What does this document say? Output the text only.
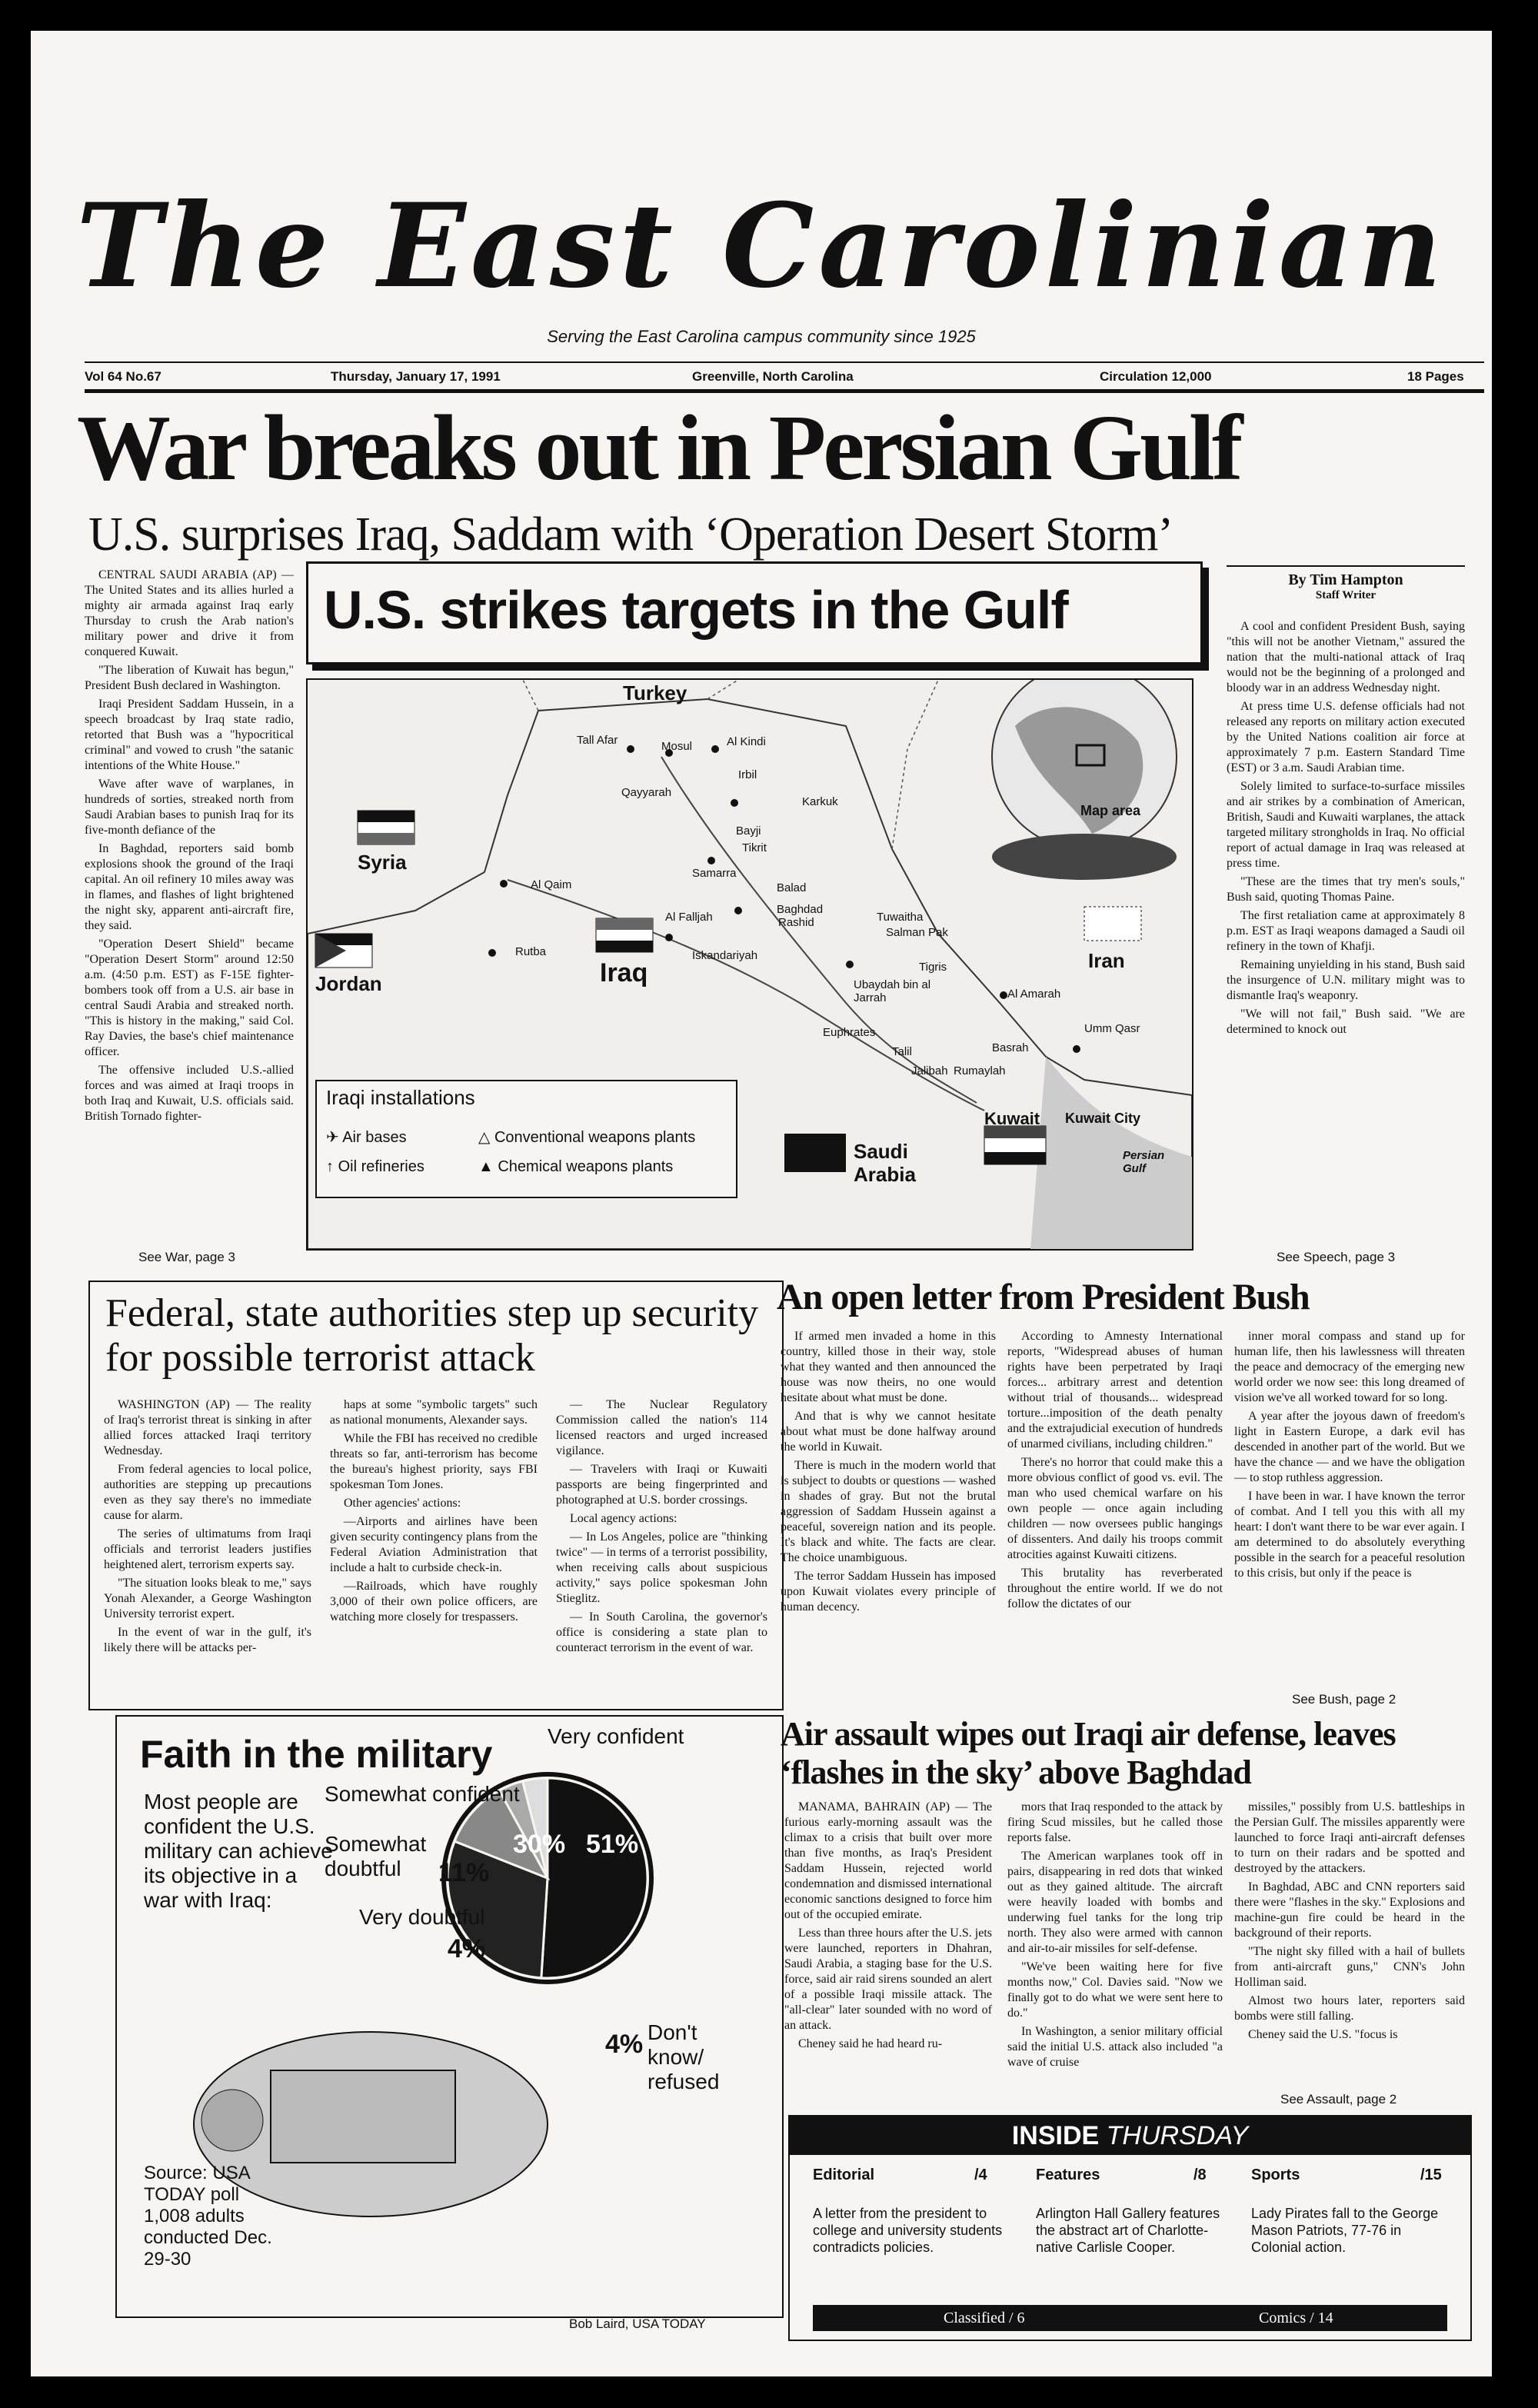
The East Carolinian
Serving the East Carolina campus community since 1925
Vol 64 No.67	Thursday, January 17, 1991	Greenville, North Carolina	Circulation 12,000	18 Pages
War breaks out in Persian Gulf
U.S. surprises Iraq, Saddam with ‘Operation Desert Storm’

CENTRAL SAUDI ARABIA (AP) — The United States and its allies hurled a mighty air armada against Iraq early Thursday to crush the Arab nation's military power and drive it from conquered Kuwait.

"The liberation of Kuwait has begun," President Bush declared in Washington.

Iraqi President Saddam Hussein, in a speech broadcast by Iraq state radio, retorted that Bush was a "hypocritical criminal" and vowed to crush "the satanic intentions of the White House."

Wave after wave of warplanes, in hundreds of sorties, streaked north from Saudi Arabian bases to punish Iraq for its five-month defiance of the

In Baghdad, reporters said bomb explosions shook the ground of the Iraqi capital. An oil refinery 10 miles away was in flames, and flashes of light brightened the night sky, apparent anti-aircraft fire, they said.

"Operation Desert Shield" became "Operation Desert Storm" around 12:50 a.m. (4:50 p.m. EST) as F-15E fighter-bombers took off from a U.S. air base in central Saudi Arabia and streaked north. "This is history in the making," said Col. Ray Davies, the base's chief maintenance officer.

The offensive included U.S.-allied forces and was aimed at Iraqi troops in both Iraq and Kuwait, U.S. officials said. British Tornado fighter-

See War, page 3
U.S. strikes targets in the Gulf
Turkey
Syria
Jordan	Iraq	Iran
Saudi Arabia
Kuwait
Tall Afar	Mosul	Al Kindi
Irbil
Qayyarah
Karkuk
Bayji
Tikrit
Samarra
Balad
Al Qaim
Al Falljah
Baghdad
Rashid	Tuwaitha
Salman Pak
Rutba	Iskandariyah
Tigris
Al Amarah
Ubaydah bin al Jarrah
Euphrates
Talil	Basrah
Umm Qasr
Jalibah Rumaylah
Kuwait City
Persian Gulf
Map area
Iraqi installations
✈ Air bases	△ Conventional weapons plants
↑ Oil refineries	▲ Chemical weapons plants
By Tim Hampton
Staff Writer

A cool and confident President Bush, saying "this will not be another Vietnam," assured the nation that the multi-national attack of Iraq would not be the beginning of a prolonged and bloody war in an address Wednesday night.

At press time U.S. defense officials had not released any reports on military action executed by the United Nations coalition air force at approximately 7 p.m. Eastern Standard Time (EST) or 3 a.m. Saudi Arabian time.

Solely limited to surface-to-surface missiles and air strikes by a combination of American, British, Saudi and Kuwaiti warplanes, the attack targeted military strongholds in Iraq. No official report of actual damage in Iraq was released at press time.

"These are the times that try men's souls," Bush said, quoting Thomas Paine.

The first retaliation came at approximately 8 p.m. EST as Iraqi weapons damaged a Saudi oil refinery in the town of Khafji.

Remaining unyielding in his stand, Bush said the insurgence of U.N. military might was to dismantle Iraq's weaponry.

"We will not fail," Bush said. "We are determined to knock out

See Speech, page 3
Federal, state authorities step up security for possible terrorist attack

WASHINGTON (AP) — The reality of Iraq's terrorist threat is sinking in after allied forces attacked Iraqi territory Wednesday.

From federal agencies to local police, authorities are stepping up precautions even as they say there's no immediate cause for alarm.

The series of ultimatums from Iraqi officials and terrorist leaders justifies heightened alert, terrorism experts say.

"The situation looks bleak to me," says Yonah Alexander, a George Washington University terrorist expert.

In the event of war in the gulf, it's likely there will be attacks per-

haps at some "symbolic targets" such as national monuments, Alexander says.

While the FBI has received no credible threats so far, anti-terrorism has become the bureau's highest priority, says FBI spokesman Tom Jones.

Other agencies' actions:

—Airports and airlines have been given security contingency plans from the Federal Aviation Administration that include a halt to curbside check-in.

—Railroads, which have roughly 3,000 of their own police officers, are watching more closely for trespassers.

— The Nuclear Regulatory Commission called the nation's 114 licensed reactors and urged increased vigilance.

— Travelers with Iraqi or Kuwaiti passports are being fingerprinted and photographed at U.S. border crossings.

Local agency actions:

— In Los Angeles, police are "thinking twice" — in terms of a terrorist possibility, when receiving calls about suspicious activity," says police spokesman John Stieglitz.

— In South Carolina, the governor's office is considering a state plan to counteract terrorism in the event of war.

An open letter from President Bush

If armed men invaded a home in this country, killed those in their way, stole what they wanted and then announced the house was now theirs, no one would hesitate about what must be done.

And that is why we cannot hesitate about what must be done halfway around the world in Kuwait.

There is much in the modern world that is subject to doubts or questions — washed in shades of gray. But not the brutal aggression of Saddam Hussein against a peaceful, sovereign nation and its people. It's black and white. The facts are clear. The choice unambiguous.

The terror Saddam Hussein has imposed upon Kuwait violates every principle of human decency.

According to Amnesty International reports, "Widespread abuses of human rights have been perpetrated by Iraqi forces... arbitrary arrest and detention without trial of thousands... widespread torture...imposition of the death penalty and the extrajudicial execution of hundreds of unarmed civilians, including children."

There's no horror that could make this a more obvious conflict of good vs. evil. The man who used chemical warfare on his own people — once again including children — now oversees public hangings of dissenters. And daily his troops commit atrocities against Kuwaiti citizens.

This brutality has reverberated throughout the entire world. If we do not follow the dictates of our

inner moral compass and stand up for human life, then his lawlessness will threaten the peace and democracy of the emerging new world order we now see: this long dreamed of vision we've all worked toward for so long.

A year after the joyous dawn of freedom's light in Eastern Europe, a dark evil has descended in another part of the world. But we have the chance — and we have the obligation — to stop ruthless aggression.

I have been in war. I have known the terror of combat. And I tell you this with all my heart: I don't want there to be war ever again. I am determined to do absolutely everything possible in the search for a peaceful resolution to this crisis, but only if the peace is

See Bush, page 2
Faith in the military
Most people are confident the U.S. military can achieve its objective in a war with Iraq:
Very confident
Somewhat confident
Somewhat doubtful
Very doubtful
Don't know/ refused
51%
30%
11%
4%
4%
Source: USA TODAY poll 1,008 adults conducted Dec. 29-30
Bob Laird, USA TODAY
Air assault wipes out Iraqi air defense, leaves ‘flashes in the sky’ above Baghdad

MANAMA, BAHRAIN (AP) — The furious early-morning assault was the climax to a crisis that built over more than five months, as Iraq's President Saddam Hussein, rejected world condemnation and dismissed international economic sanctions designed to force him out of the occupied emirate.

Less than three hours after the U.S. jets were launched, reporters in Dhahran, Saudi Arabia, a staging base for the U.S. force, said air raid sirens sounded an alert of a possible Iraqi missile attack. The "all-clear" later sounded with no word of an attack.

Cheney said he had heard ru-

mors that Iraq responded to the attack by firing Scud missiles, but he called those reports false.

The American warplanes took off in pairs, disappearing in red dots that winked out as they gained altitude. The aircraft were heavily loaded with bombs and underwing fuel tanks for the long trip north. They also were armed with cannon and air-to-air missiles for self-defense.

"We've been waiting here for five months now," Col. Davies said. "Now we finally got to do what we were sent here to do."

In Washington, a senior military official said the initial U.S. attack also included "a wave of cruise

missiles," possibly from U.S. battleships in the Persian Gulf. The missiles apparently were launched to force Iraqi anti-aircraft defenses to turn on their radars and be spotted and destroyed by the attackers.

In Baghdad, ABC and CNN reporters said there were "flashes in the sky." Explosions and machine-gun fire could be heard in the background of their reports.

"The night sky filled with a hail of bullets from anti-aircraft guns," CNN's John Holliman said.

Almost two hours later, reporters said bombs were still falling.

Cheney said the U.S. "focus is

See Assault, page 2
INSIDE THURSDAY
Editorial	/4	Features	/8	Sports	/15
A letter from the president to college and university students contradicts policies.
Arlington Hall Gallery features the abstract art of Charlotte-native Carlisle Cooper.
Lady Pirates fall to the George Mason Patriots, 77-76 in Colonial action.
Classified / 6	Comics / 14
